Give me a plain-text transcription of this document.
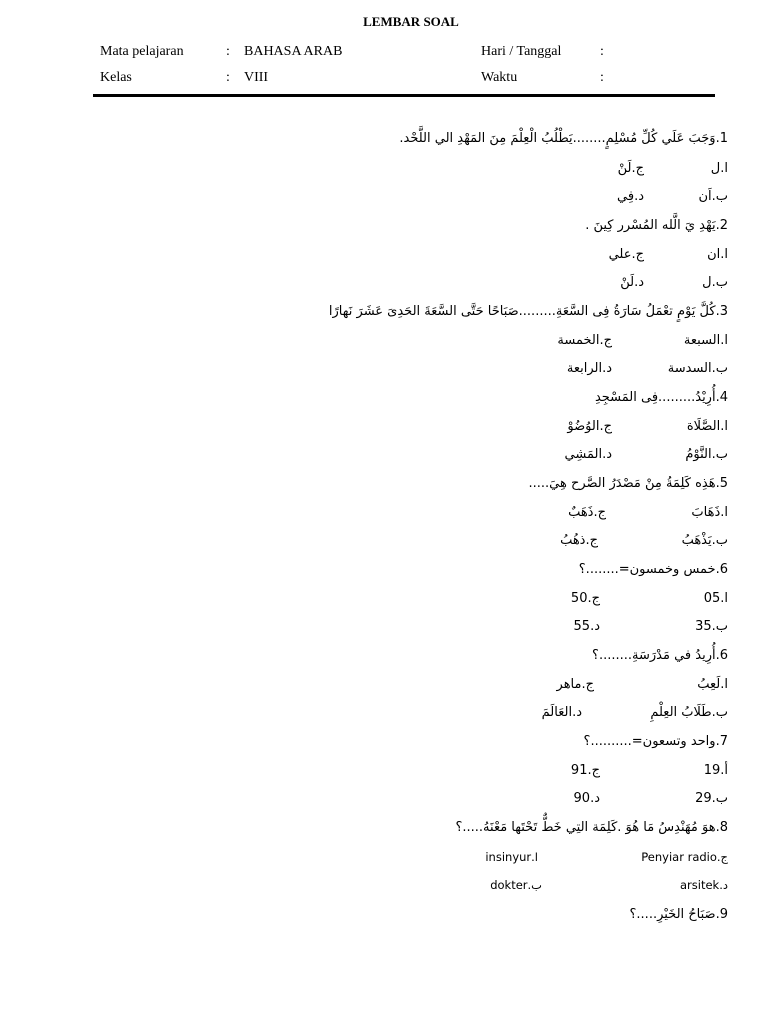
LEMBAR SOAL
Mata pelajaran	: BAHASA ARAB	Hari / Tanggal	:
Kelas	: VIII	Waktu	:
1.وَجَبَ عَلَي كُلِّ مُسْلِمٍ........يَطْلُبُ الْعِلْمَ مِنَ المَهْدِ الي اللَّحْد.
ا.ل
ج.لَنْ
ب.اَن
د.فِي
2.يَهْدِ يَ الَّله المُسْرر كِينَ .
ا.ان
ج.علي
ب.ل
د.لَنْ
3.كُلَّ يَوْمٍ تعْمَلُ سَارَةُ فِى السَّعَةِ.........صَبَاحًا حَتَّى السَّعَةَ الحَدِىَ عَشَرَ نَهارًا
ا.السبعة
ج.الخمسة
ب.السدسة
د.الرابعة
4.أُرِيْدُ.........فِى المَسْجِدِ
ا.الصَّلَاة
ج.الوُضُوْ
ب.النَّوْمُ
د.المَشِي
5.هَذِه كَلِمَةُ مِنْ مَصْدَرُ الصَّرح هِيَ.....
ا.ذَهَابَ
ج.ذَهَبٌ
ب.يَذْهَبُ
ج.ذهُبُ
6.خمس وخمسون=........؟
ا.05
ج.50
ب.35
د.55
6.أُرِيدُ في مَدْرَسَةِ........؟
ا.لَعِبُ
ج.ماهر
ب.طَلَابُ العِلْمِ
د.العَالَمَ
7.واحد وتسعون=..........؟
أ.19
ج.91
ب.29
د.90
8.هوَ مُهَنْدِسُ مَا هُوَ .كَلِمَة التِي خَطٌّ تَحْتَها مَعْنَهُ.....؟
ج.Penyiar radio
ا.insinyur
د.arsitek
ب.dokter
9.صَبَاحُ الخَيْرِ.....؟
